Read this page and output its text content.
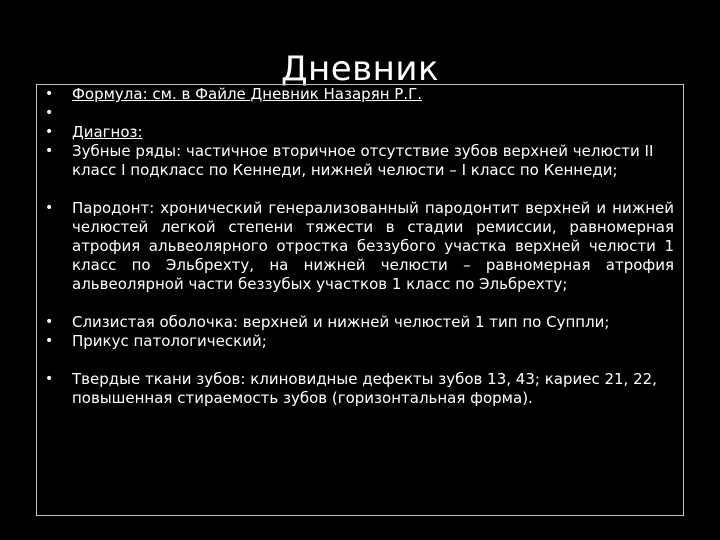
Дневник
• Формула: см. в Файле Дневник Назарян Р.Г.
•
• Диагноз:
• Зубные ряды: частичное вторичное отсутствие зубов верхней челюсти II класс I подкласс по Кеннеди, нижней челюсти – I класс по Кеннеди;
• Пародонт: хронический генерализованный пародонтит верхней и нижней челюстей легкой степени тяжести в стадии ремиссии, равномерная атрофия альвеолярного отростка беззубого участка верхней челюсти 1 класс по Эльбрехту, на нижней челюсти – равномерная атрофия альвеолярной части беззубых участков 1 класс по Эльбрехту;
• Слизистая оболочка: верхней и нижней челюстей 1 тип по Суппли;
• Прикус патологический;
• Твердые ткани зубов: клиновидные дефекты зубов 13, 43; кариес 21, 22, повышенная стираемость зубов (горизонтальная форма).
